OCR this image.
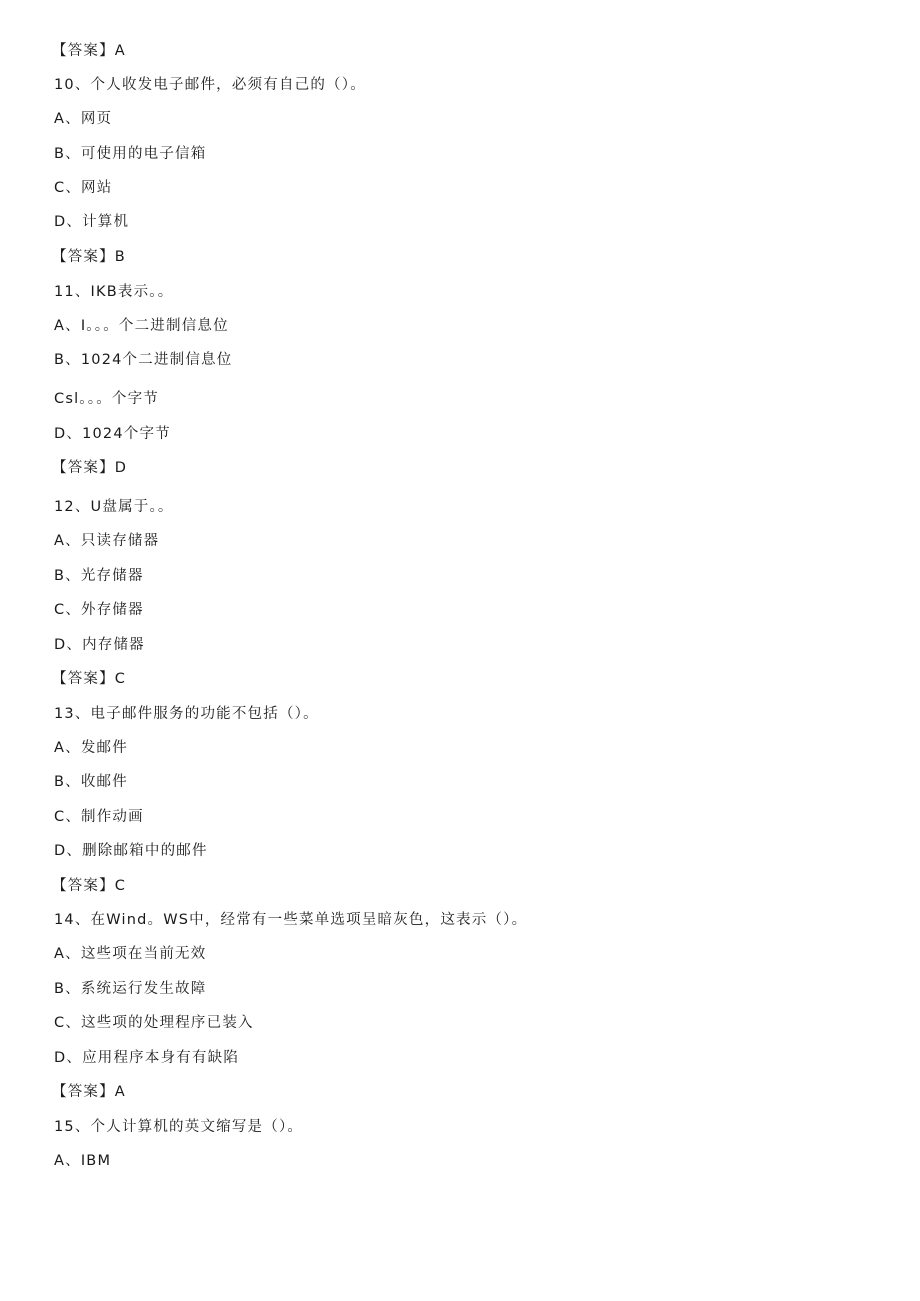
【答案】A
10、个人收发电子邮件，必须有自己的（）。
A、网页
B、可使用的电子信箱
C、网站
D、计算机
【答案】B
11、IKB表示。。
A、I。。。个二进制信息位
B、1024个二进制信息位
Csl。。。个字节
D、1024个字节
【答案】D
12、U盘属于。。
A、只读存储器
B、光存储器
C、外存储器
D、内存储器
【答案】C
13、电子邮件服务的功能不包括（）。
A、发邮件
B、收邮件
C、制作动画
D、删除邮箱中的邮件
【答案】C
14、在Wind。WS中，经常有一些菜单选项呈暗灰色，这表示（）。
A、这些项在当前无效
B、系统运行发生故障
C、这些项的处理程序已装入
D、应用程序本身有有缺陷
【答案】A
15、个人计算机的英文缩写是（）。
A、IBM
